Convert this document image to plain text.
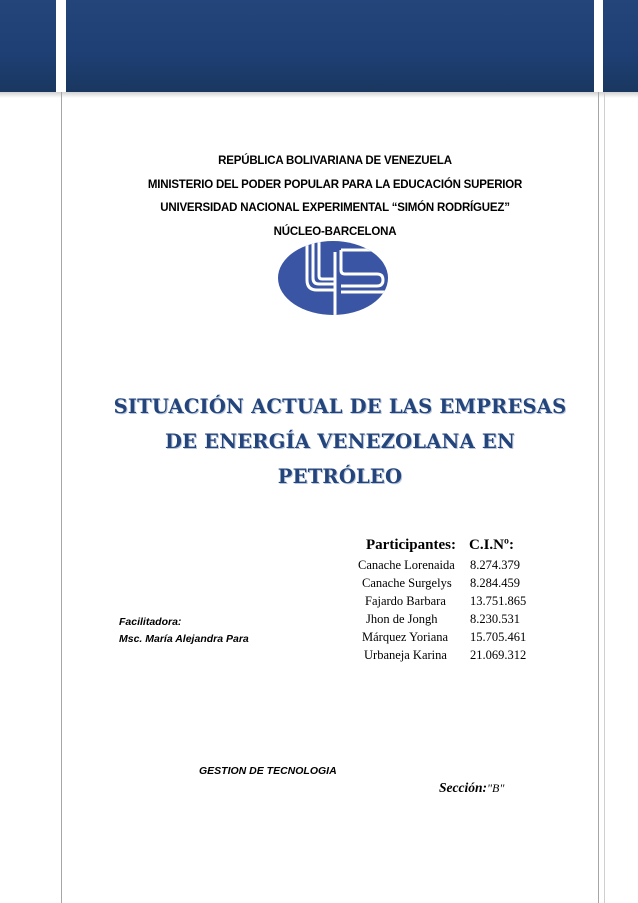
REPÚBLICA BOLIVARIANA DE VENEZUELA
MINISTERIO DEL PODER POPULAR PARA LA EDUCACIÓN SUPERIOR
UNIVERSIDAD NACIONAL EXPERIMENTAL “SIMÓN RODRÍGUEZ”
NÚCLEO-BARCELONA
SITUACIÓN ACTUAL DE LAS EMPRESAS
DE ENERGÍA VENEZOLANA EN
PETRÓLEO
Participantes: C.I.Nº:
Canache Lorenaida 8.274.379
Canache Surgelys 8.284.459
Fajardo Barbara 13.751.865
Jhon de Jongh	8.230.531
Márquez Yoriana 15.705.461
Urbaneja Karina 21.069.312
Facilitadora:
Msc. María Alejandra Para
GESTION DE TECNOLOGIA
Sección:"B"
